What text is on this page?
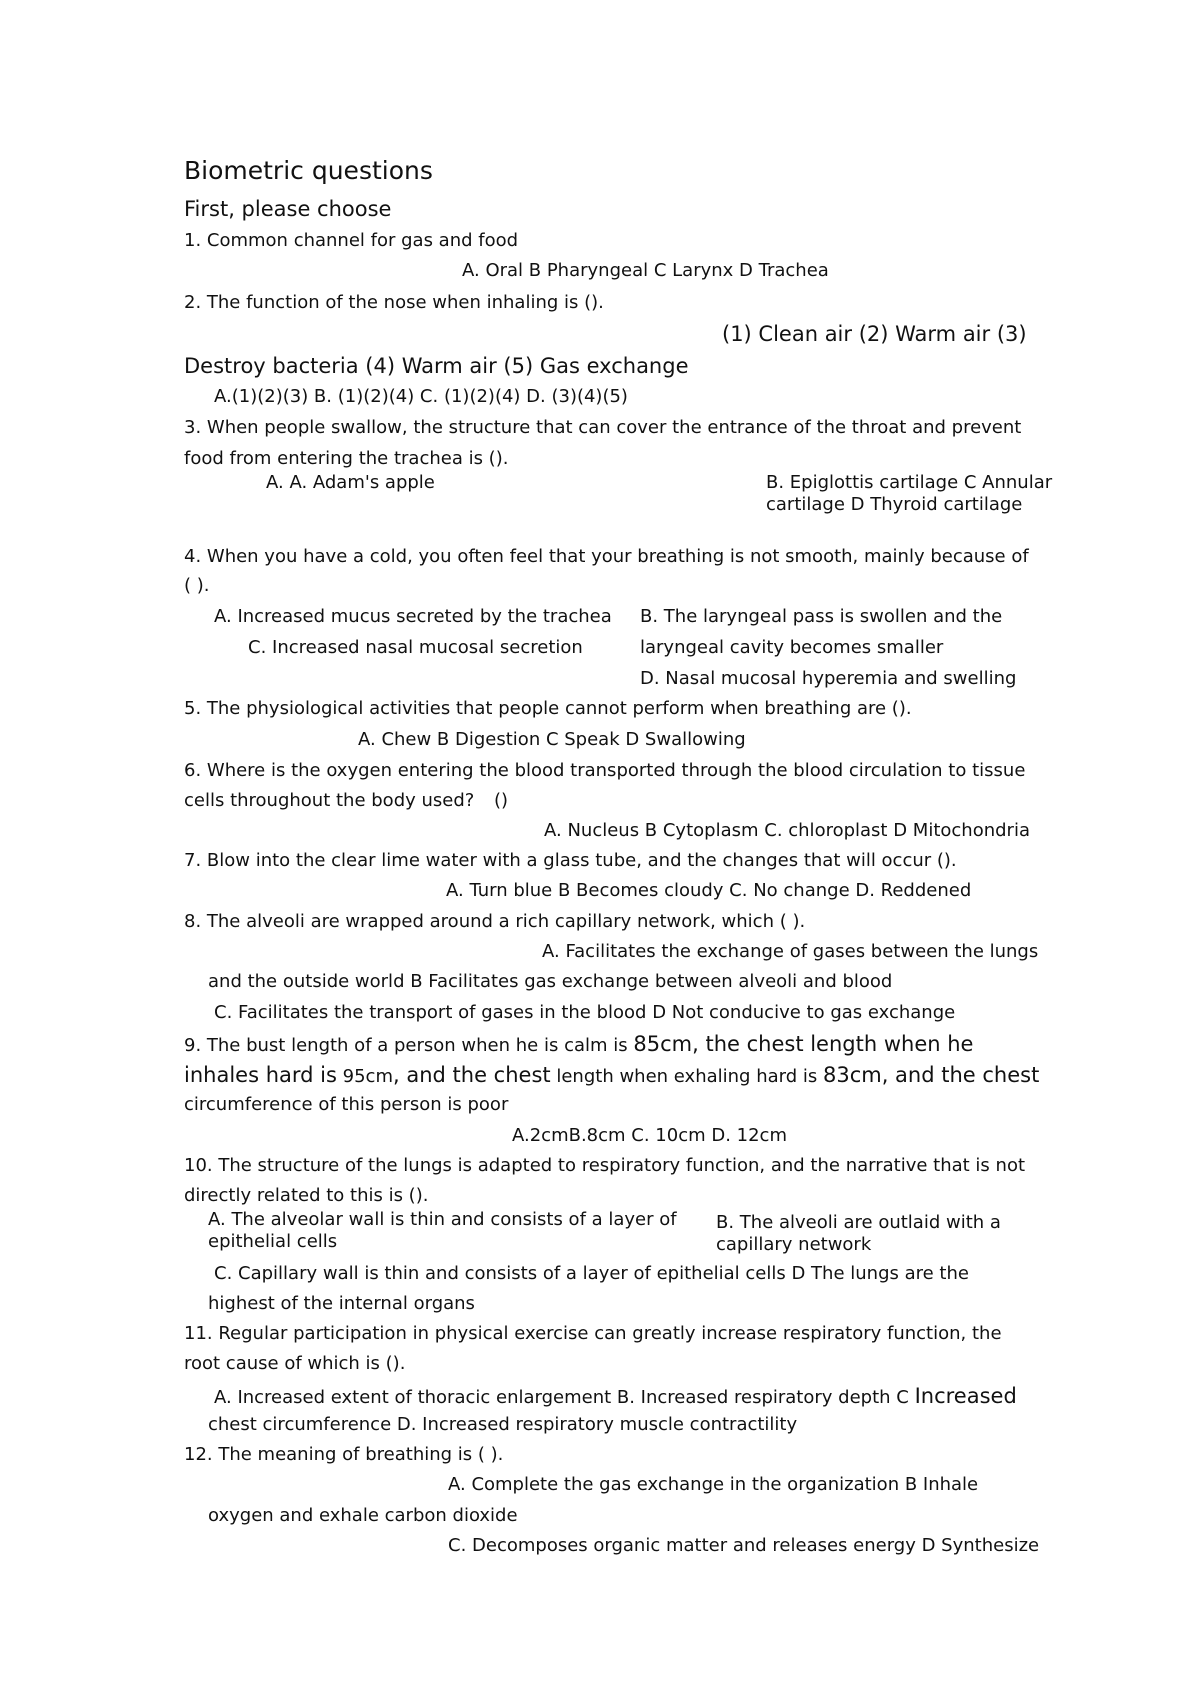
Biometric questions
First, please choose
1. Common channel for gas and food
A. Oral B Pharyngeal C Larynx D Trachea
2. The function of the nose when inhaling is ().
(1) Clean air (2) Warm air (3)
Destroy bacteria (4) Warm air (5) Gas exchange
A.(1)(2)(3) B. (1)(2)(4) C. (1)(2)(4) D. (3)(4)(5)
3. When people swallow, the structure that can cover the entrance of the throat and prevent
food from entering the trachea is ().
A. A. Adam's apple	B. Epiglottis cartilage C Annular cartilage D Thyroid cartilage
4. When you have a cold, you often feel that your breathing is not smooth, mainly because of
( ).
A. Increased mucus secreted by the trachea B. The laryngeal pass is swollen and the
C. Increased nasal mucosal secretion	laryngeal cavity becomes smaller
D. Nasal mucosal hyperemia and swelling
5. The physiological activities that people cannot perform when breathing are ().
A. Chew B Digestion C Speak D Swallowing
6. Where is the oxygen entering the blood transported through the blood circulation to tissue
cells throughout the body used? ()
A. Nucleus B Cytoplasm C. chloroplast D Mitochondria
7. Blow into the clear lime water with a glass tube, and the changes that will occur ().
A. Turn blue B Becomes cloudy C. No change D. Reddened
8. The alveoli are wrapped around a rich capillary network, which ( ).
A. Facilitates the exchange of gases between the lungs
and the outside world B Facilitates gas exchange between alveoli and blood
C. Facilitates the transport of gases in the blood D Not conducive to gas exchange
9. The bust length of a person when he is calm is 85cm, the chest length when he
inhales hard is 95cm, and the chest length when exhaling hard is 83cm, and the chest
circumference of this person is poor
A.2cmB.8cm C. 10cm D. 12cm
10. The structure of the lungs is adapted to respiratory function, and the narrative that is not
directly related to this is ().
A. The alveolar wall is thin and consists of a layer of epithelial cells
B. The alveoli are outlaid with a capillary network
C. Capillary wall is thin and consists of a layer of epithelial cells D The lungs are the
highest of the internal organs
11. Regular participation in physical exercise can greatly increase respiratory function, the
root cause of which is ().
A. Increased extent of thoracic enlargement B. Increased respiratory depth C Increased
chest circumference D. Increased respiratory muscle contractility
12. The meaning of breathing is ( ).
A. Complete the gas exchange in the organization B Inhale
oxygen and exhale carbon dioxide
C. Decomposes organic matter and releases energy D Synthesize
